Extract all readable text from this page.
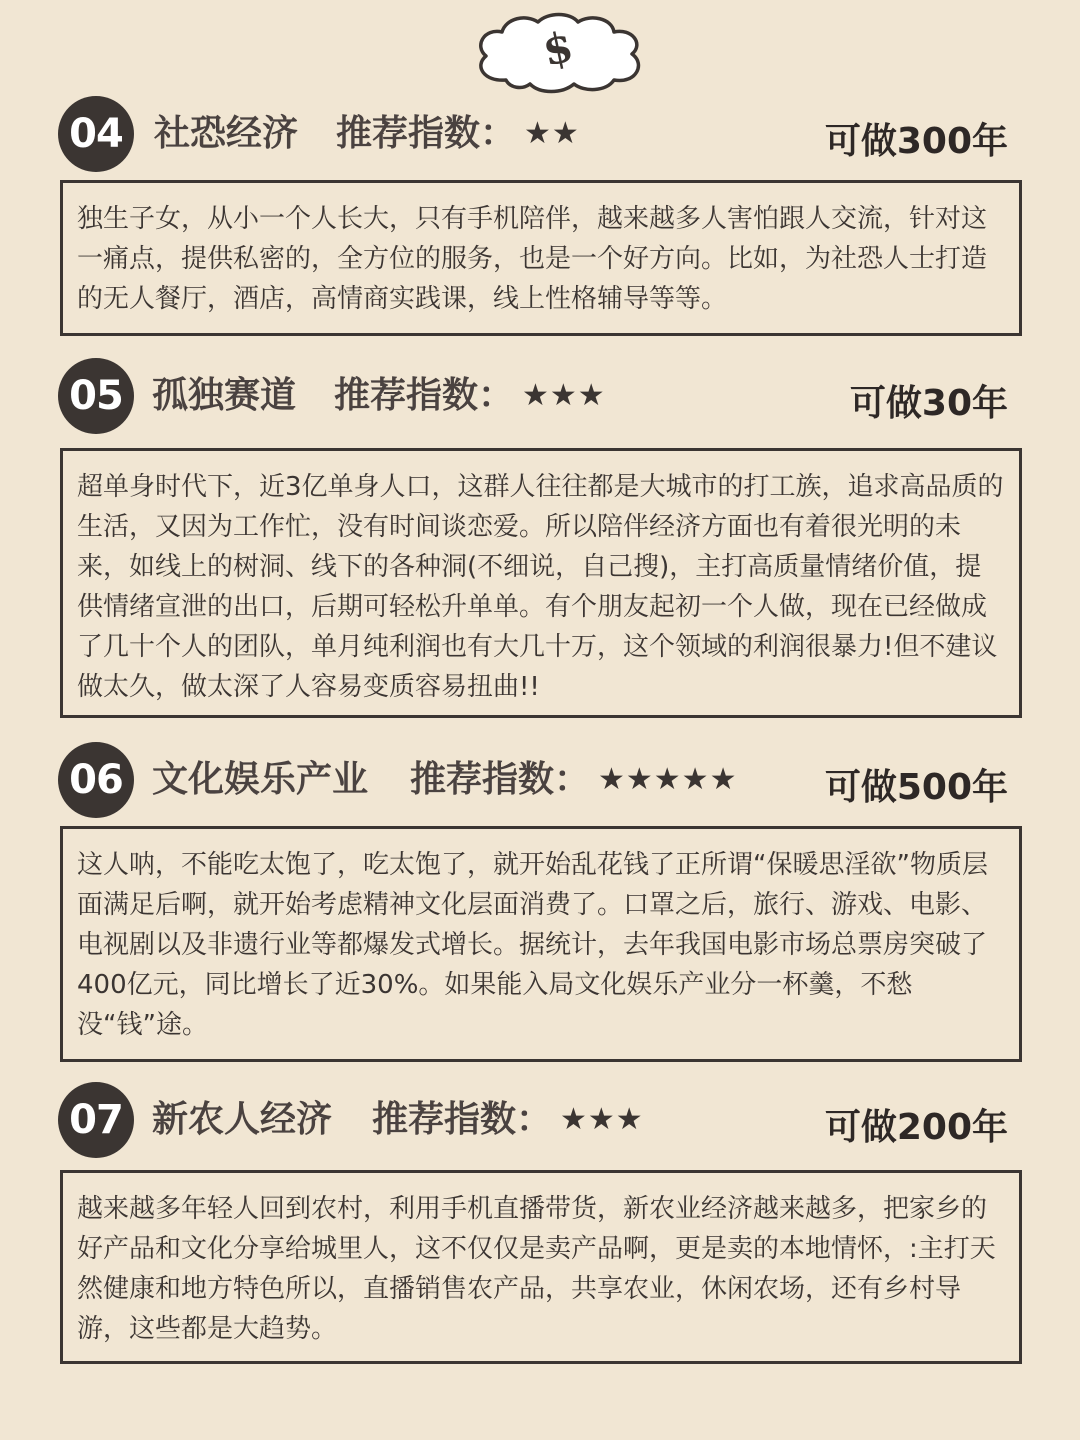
$
04 社恐经济 推荐指数： ★★	可做300年
独生子女，从小一个人长大，只有手机陪伴，越来越多人害怕跟人交流，针对这一痛点，提供私密的，全方位的服务，也是一个好方向。比如，为社恐人士打造的无人餐厅，酒店，高情商实践课，线上性格辅导等等。
05 孤独赛道 推荐指数： ★★★	可做30年
超单身时代下，近3亿单身人口，这群人往往都是大城市的打工族，追求高品质的生活，又因为工作忙，没有时间谈恋爱。所以陪伴经济方面也有着很光明的未来，如线上的树洞、线下的各种洞(不细说，自己搜)，主打高质量情绪价值，提供情绪宣泄的出口，后期可轻松升单单。有个朋友起初一个人做，现在已经做成了几十个人的团队，单月纯利润也有大几十万，这个领域的利润很暴力!但不建议做太久，做太深了人容易变质容易扭曲!!
06 文化娱乐产业 推荐指数： ★★★★★ 可做500年
这人呐，不能吃太饱了，吃太饱了，就开始乱花钱了正所谓“保暖思淫欲”物质层面满足后啊，就开始考虑精神文化层面消费了。口罩之后，旅行、游戏、电影、电视剧以及非遗行业等都爆发式增长。据统计，去年我国电影市场总票房突破了400亿元，同比增长了近30%。如果能入局文化娱乐产业分一杯羹，不愁没“钱”途。
07 新农人经济 推荐指数： ★★★	可做200年
越来越多年轻人回到农村，利用手机直播带货，新农业经济越来越多，把家乡的好产品和文化分享给城里人，这不仅仅是卖产品啊，更是卖的本地情怀，:主打天然健康和地方特色所以，直播销售农产品，共享农业，休闲农场，还有乡村导游，这些都是大趋势。
